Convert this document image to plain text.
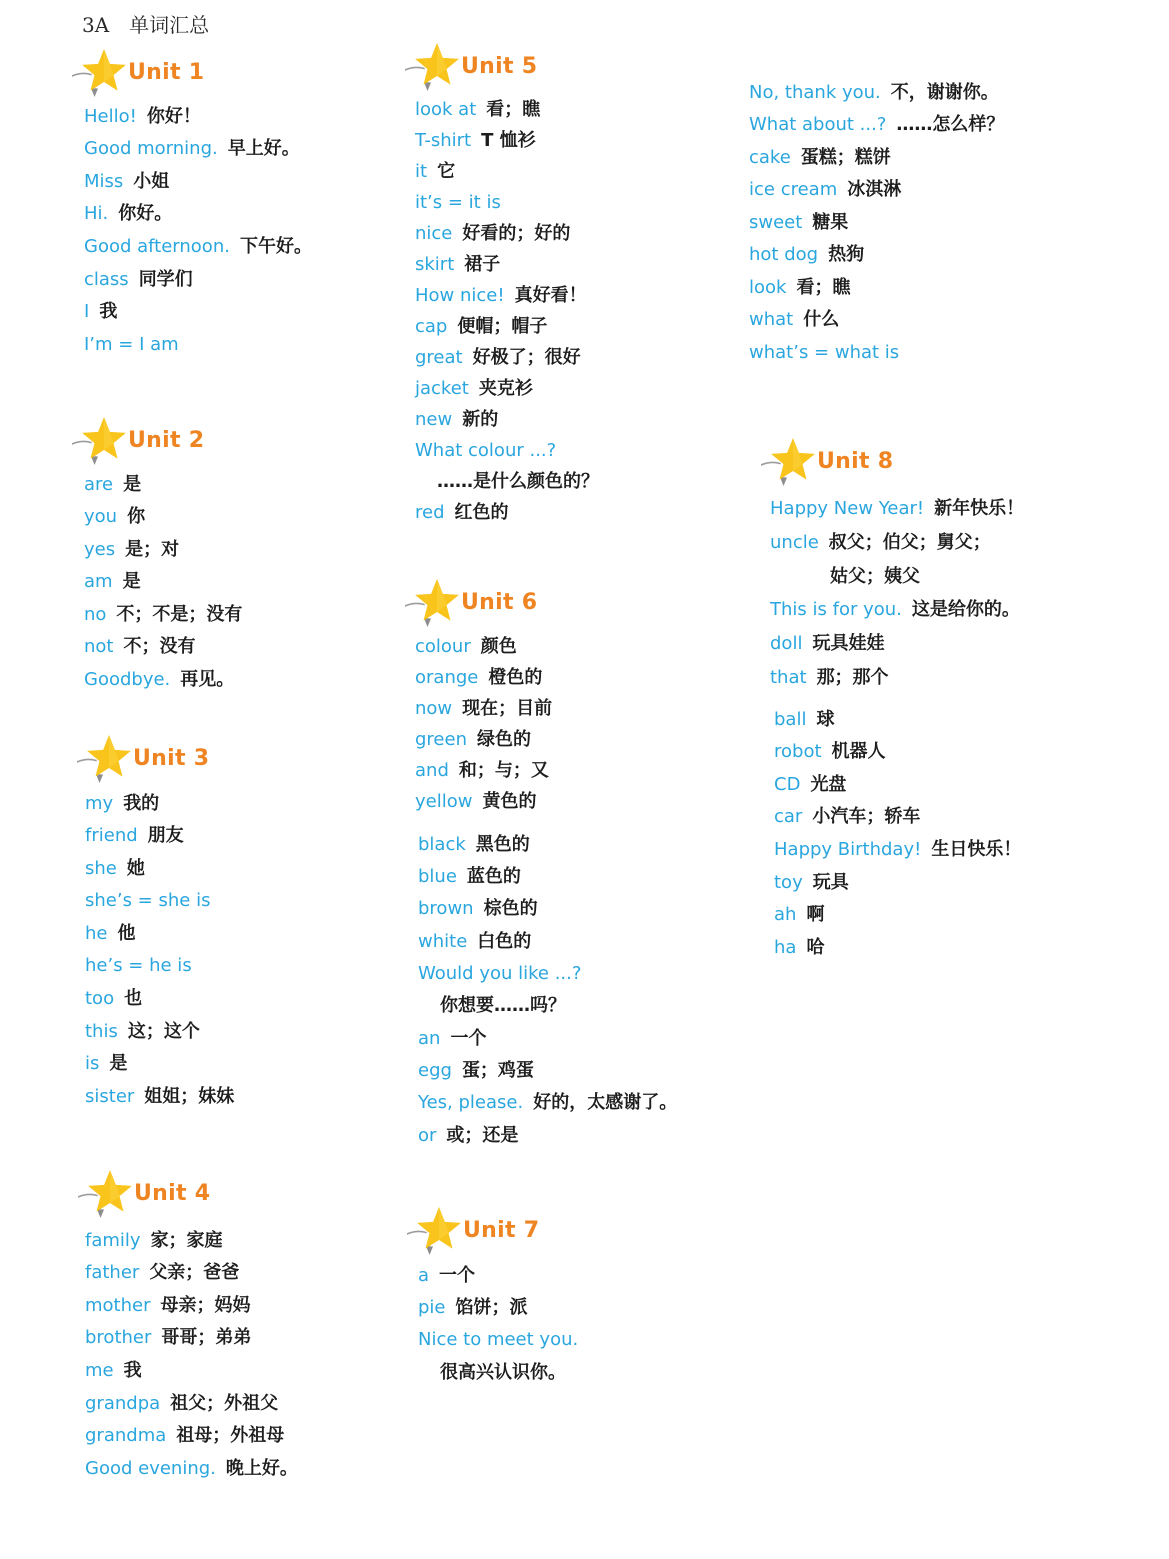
3A　单词汇总
Unit 1
Unit 2
Unit 3
Unit 4
Unit 5
Unit 6
Unit 7
Unit 8
Hello! 你好！
Good morning. 早上好。
Miss 小姐
Hi. 你好。
Good afternoon. 下午好。
class 同学们
I 我
I’m = I am
are 是
you 你
yes 是；对
am 是
no 不；不是；没有
not 不；没有
Goodbye. 再见。
my 我的
friend 朋友
she 她
she’s = she is
he 他
he’s = he is
too 也
this 这；这个
is 是
sister 姐姐；妹妹
family 家；家庭
father 父亲；爸爸
mother 母亲；妈妈
brother 哥哥；弟弟
me 我
grandpa 祖父；外祖父
grandma 祖母；外祖母
Good evening. 晚上好。
look at 看；瞧
T-shirt T 恤衫
it 它
it’s = it is
nice 好看的；好的
skirt 裙子
How nice! 真好看！
cap 便帽；帽子
great 好极了；很好
jacket 夹克衫
new 新的
What colour ...?
……是什么颜色的？
red 红色的
colour 颜色
orange 橙色的
now 现在；目前
green 绿色的
and 和；与；又
yellow 黄色的
black 黑色的
blue 蓝色的
brown 棕色的
white 白色的
Would you like ...?
你想要……吗？
an 一个
egg 蛋；鸡蛋
Yes, please. 好的，太感谢了。
or 或；还是
a 一个
pie 馅饼；派
Nice to meet you.
很高兴认识你。
No, thank you. 不，谢谢你。
What about ...? ……怎么样？
cake 蛋糕；糕饼
ice cream 冰淇淋
sweet 糖果
hot dog 热狗
look 看；瞧
what 什么
what’s = what is
Happy New Year! 新年快乐！
uncle 叔父；伯父；舅父；
姑父；姨父
This is for you. 这是给你的。
doll 玩具娃娃
that 那；那个
ball 球
robot 机器人
CD 光盘
car 小汽车；轿车
Happy Birthday! 生日快乐！
toy 玩具
ah 啊
ha 哈
